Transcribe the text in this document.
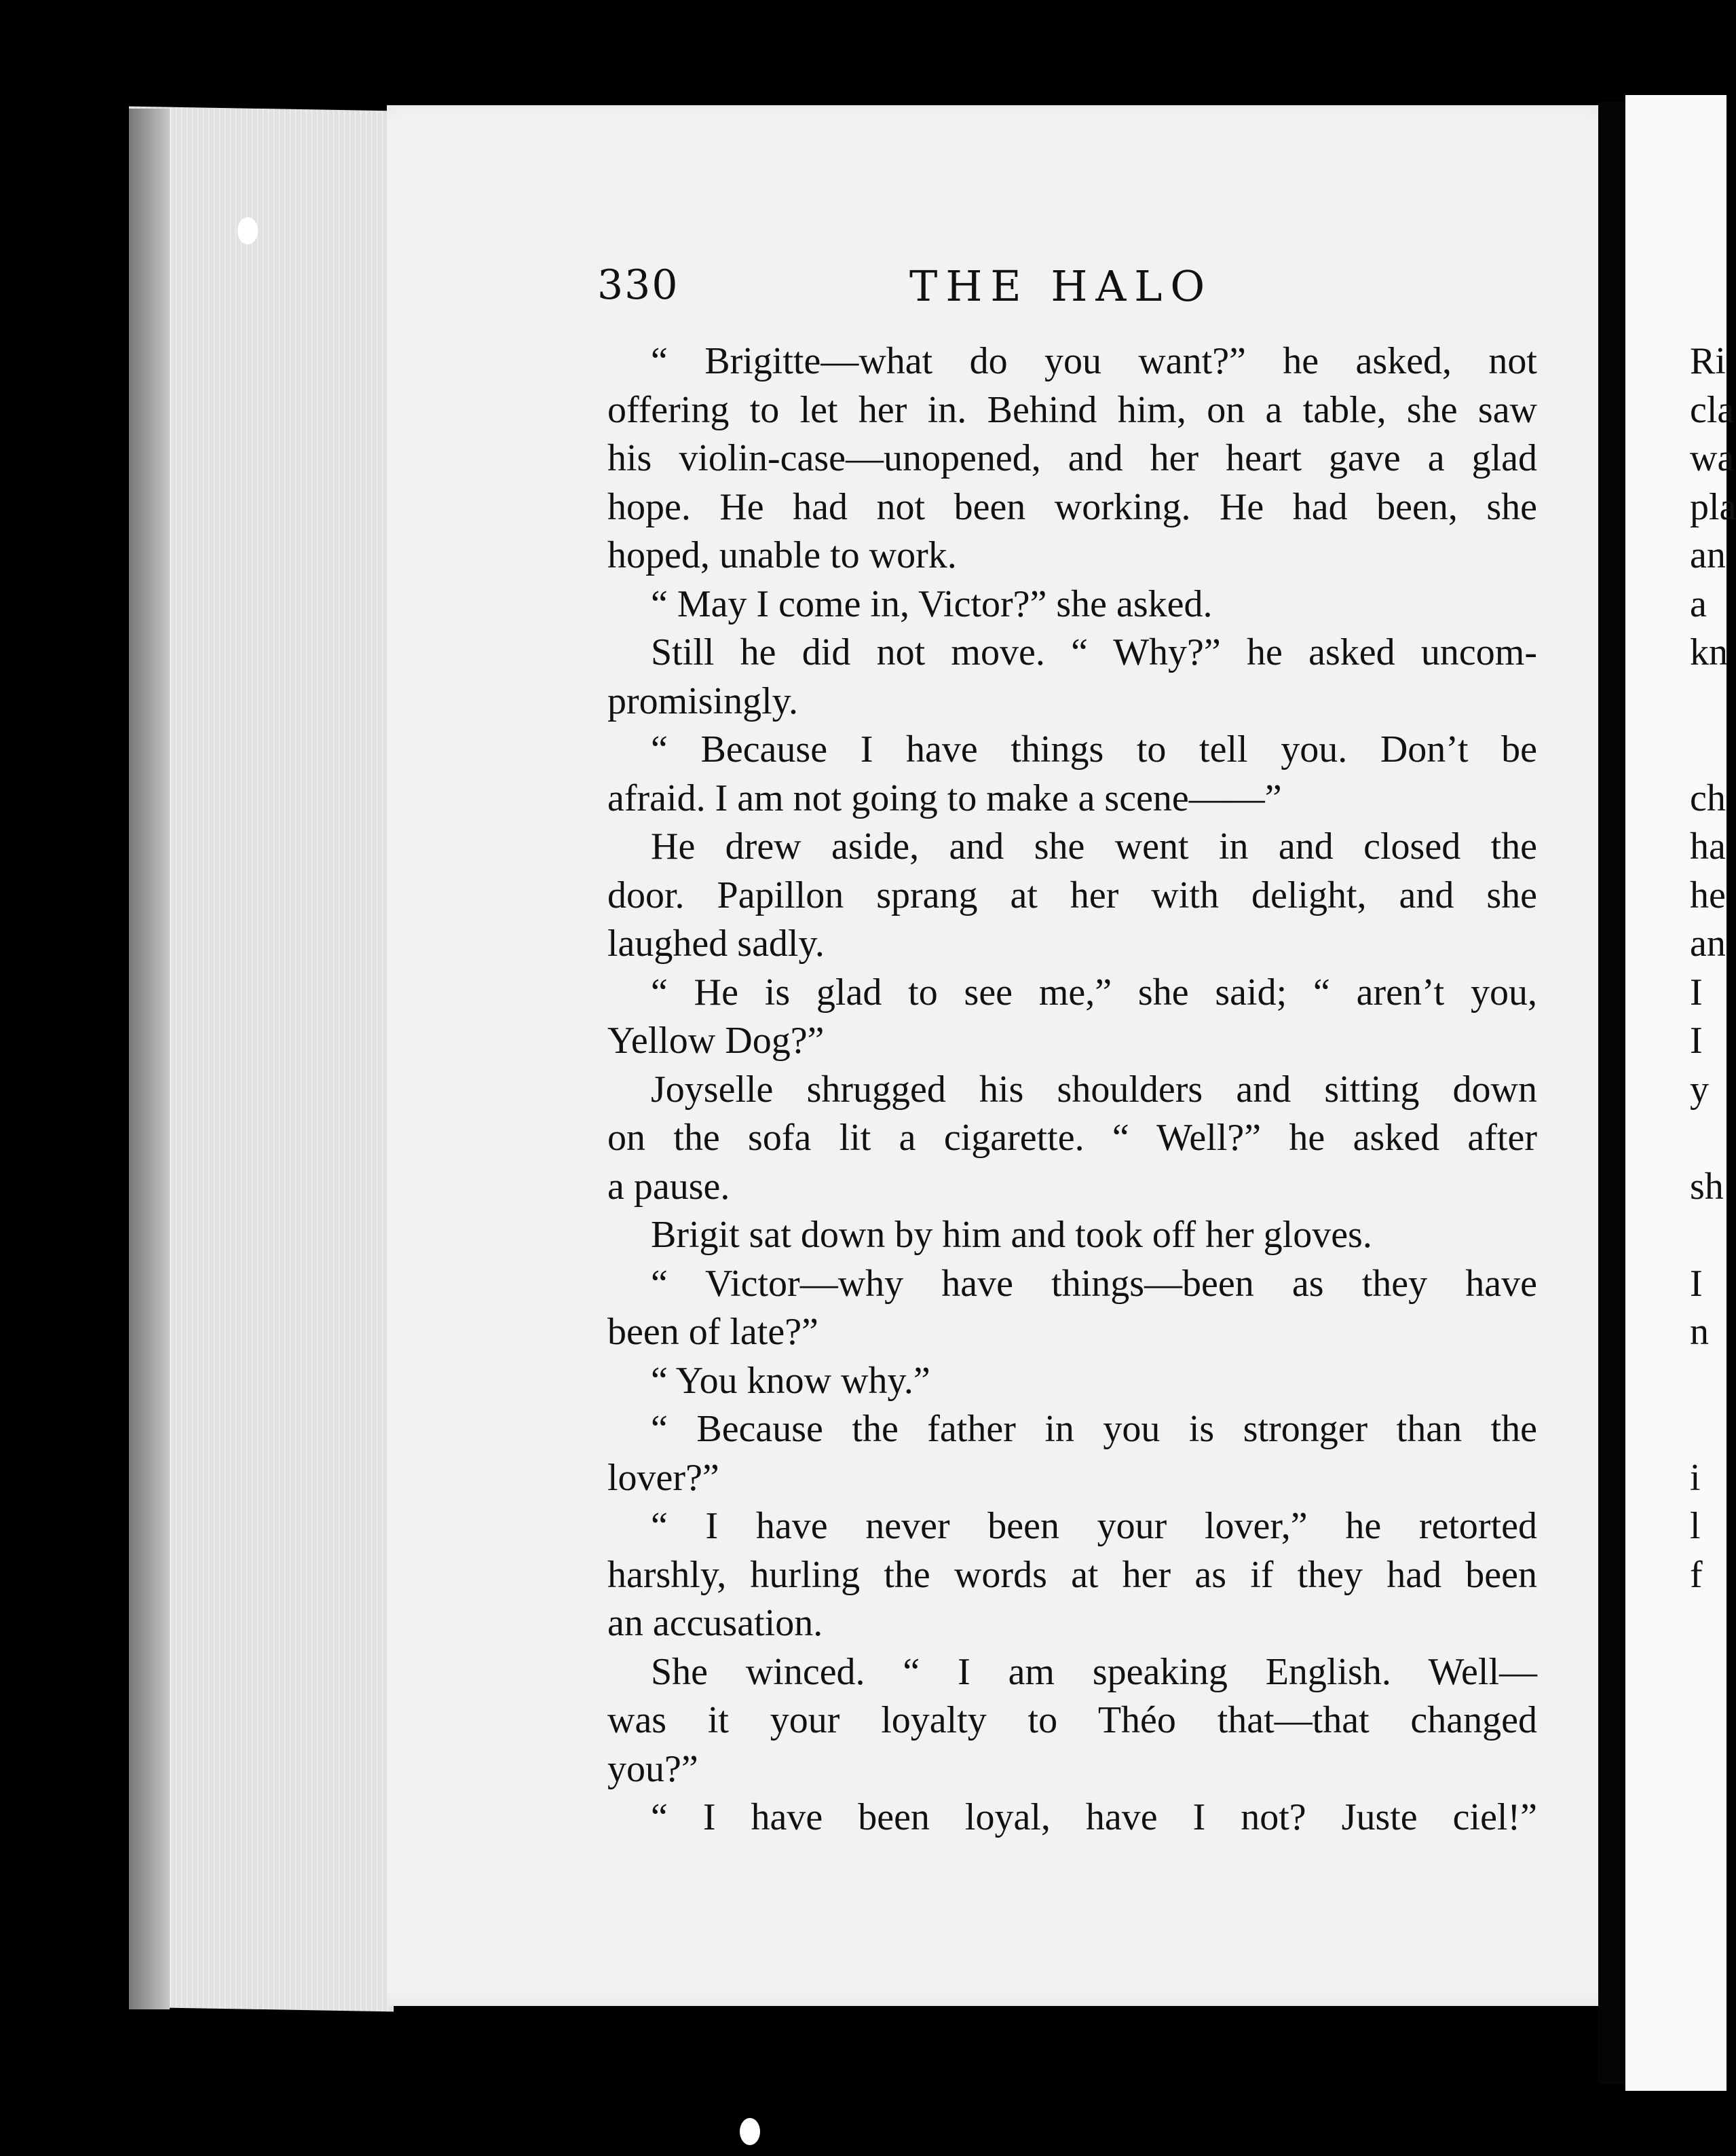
330	THE HALO
“ Brigitte—what do you want?” he asked, not
offering to let her in. Behind him, on a table, she saw
his violin-case—unopened, and her heart gave a glad
hope. He had not been working. He had been, she
hoped, unable to work.
“ May I come in, Victor?” she asked.
Still he did not move. “ Why?” he asked uncom-
promisingly.
“ Because I have things to tell you. Don’t be
afraid. I am not going to make a scene——”
He drew aside, and she went in and closed the
door. Papillon sprang at her with delight, and she
laughed sadly.
“ He is glad to see me,” she said; “ aren’t you,
Yellow Dog?”
Joyselle shrugged his shoulders and sitting down
on the sofa lit a cigarette. “ Well?” he asked after
a pause.
Brigit sat down by him and took off her gloves.
“ Victor—why have things—been as they have
been of late?”
“ You know why.”
“ Because the father in you is stronger than the
lover?”
“ I have never been your lover,” he retorted
harshly, hurling the words at her as if they had been
an accusation.
She winced. “ I am speaking English. Well—
was it your loyalty to Théo that—that changed
you?”
“ I have been loyal, have I not? Juste ciel!”
Ri
cla
wa
pla
an
a
kn
ch
ha
he
an
I
I
y
sh
I
n
i
l
f
